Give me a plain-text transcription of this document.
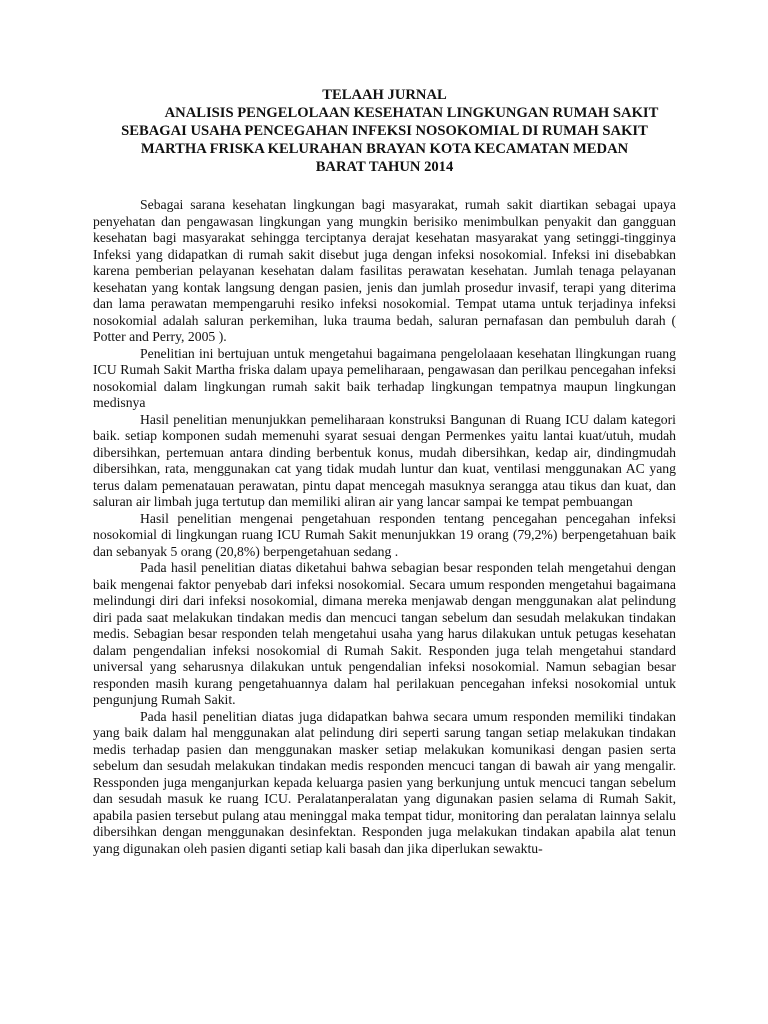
TELAAH JURNAL
ANALISIS PENGELOLAAN KESEHATAN LINGKUNGAN RUMAH SAKIT
SEBAGAI USAHA PENCEGAHAN INFEKSI NOSOKOMIAL DI RUMAH SAKIT
MARTHA FRISKA KELURAHAN BRAYAN KOTA KECAMATAN MEDAN
BARAT TAHUN 2014

Sebagai sarana kesehatan lingkungan bagi masyarakat, rumah sakit diartikan sebagai upaya penyehatan dan pengawasan lingkungan yang mungkin berisiko menimbulkan penyakit dan gangguan kesehatan bagi masyarakat sehingga terciptanya derajat kesehatan masyarakat yang setinggi-tingginya Infeksi yang didapatkan di rumah sakit disebut juga dengan infeksi nosokomial. Infeksi ini disebabkan karena pemberian pelayanan kesehatan dalam fasilitas perawatan kesehatan. Jumlah tenaga pelayanan kesehatan yang kontak langsung dengan pasien, jenis dan jumlah prosedur invasif, terapi yang diterima dan lama perawatan mempengaruhi resiko infeksi nosokomial. Tempat utama untuk terjadinya infeksi nosokomial adalah saluran perkemihan, luka trauma bedah, saluran pernafasan dan pembuluh darah ( Potter and Perry, 2005 ).

Penelitian ini bertujuan untuk mengetahui bagaimana pengelolaaan kesehatan llingkungan ruang ICU Rumah Sakit Martha friska dalam upaya pemeliharaan, pengawasan dan perilkau pencegahan infeksi nosokomial dalam lingkungan rumah sakit baik terhadap lingkungan tempatnya maupun lingkungan medisnya

Hasil penelitian menunjukkan pemeliharaan konstruksi Bangunan di Ruang ICU dalam kategori baik. setiap komponen sudah memenuhi syarat sesuai dengan Permenkes yaitu lantai kuat/utuh, mudah dibersihkan, pertemuan antara dinding berbentuk konus, mudah dibersihkan, kedap air, dindingmudah dibersihkan, rata, menggunakan cat yang tidak mudah luntur dan kuat, ventilasi menggunakan AC yang terus dalam pemenatauan perawatan, pintu dapat mencegah masuknya serangga atau tikus dan kuat, dan saluran air limbah juga tertutup dan memiliki aliran air yang lancar sampai ke tempat pembuangan

Hasil penelitian mengenai pengetahuan responden tentang pencegahan pencegahan infeksi nosokomial di lingkungan ruang ICU Rumah Sakit menunjukkan 19 orang (79,2%) berpengetahuan baik dan sebanyak 5 orang (20,8%) berpengetahuan sedang .

Pada hasil penelitian diatas diketahui bahwa sebagian besar responden telah mengetahui dengan baik mengenai faktor penyebab dari infeksi nosokomial. Secara umum responden mengetahui bagaimana melindungi diri dari infeksi nosokomial, dimana mereka menjawab dengan menggunakan alat pelindung diri pada saat melakukan tindakan medis dan mencuci tangan sebelum dan sesudah melakukan tindakan medis. Sebagian besar responden telah mengetahui usaha yang harus dilakukan untuk petugas kesehatan dalam pengendalian infeksi nosokomial di Rumah Sakit. Responden juga telah mengetahui standard universal yang seharusnya dilakukan untuk pengendalian infeksi nosokomial. Namun sebagian besar responden masih kurang pengetahuannya dalam hal perilakuan pencegahan infeksi nosokomial untuk pengunjung Rumah Sakit.

Pada hasil penelitian diatas juga didapatkan bahwa secara umum responden memiliki tindakan yang baik dalam hal menggunakan alat pelindung diri seperti sarung tangan setiap melakukan tindakan medis terhadap pasien dan menggunakan masker setiap melakukan komunikasi dengan pasien serta sebelum dan sesudah melakukan tindakan medis responden mencuci tangan di bawah air yang mengalir. Ressponden juga menganjurkan kepada keluarga pasien yang berkunjung untuk mencuci tangan sebelum dan sesudah masuk ke ruang ICU. Peralatanperalatan yang digunakan pasien selama di Rumah Sakit, apabila pasien tersebut pulang atau meninggal maka tempat tidur, monitoring dan peralatan lainnya selalu dibersihkan dengan menggunakan desinfektan. Responden juga melakukan tindakan apabila alat tenun yang digunakan oleh pasien diganti setiap kali basah dan jika diperlukan sewaktu-
